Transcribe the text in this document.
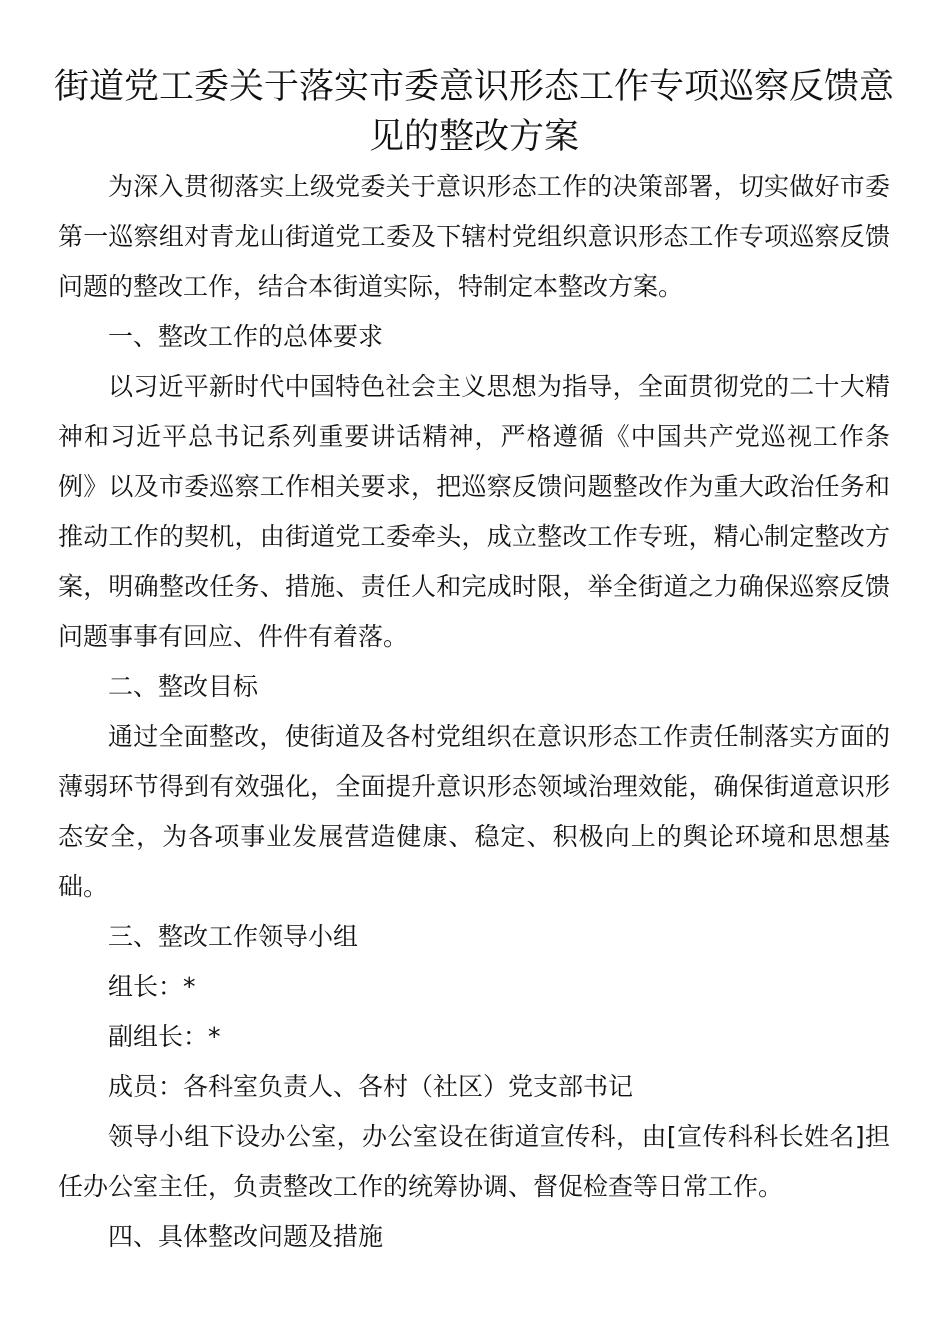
街道党工委关于落实市委意识形态工作专项巡察反馈意见的整改方案

为深入贯彻落实上级党委关于意识形态工作的决策部署，切实做好市委第一巡察组对青龙山街道党工委及下辖村党组织意识形态工作专项巡察反馈问题的整改工作，结合本街道实际，特制定本整改方案。

一、整改工作的总体要求

以习近平新时代中国特色社会主义思想为指导，全面贯彻党的二十大精神和习近平总书记系列重要讲话精神，严格遵循《中国共产党巡视工作条例》以及市委巡察工作相关要求，把巡察反馈问题整改作为重大政治任务和推动工作的契机，由街道党工委牵头，成立整改工作专班，精心制定整改方案，明确整改任务、措施、责任人和完成时限，举全街道之力确保巡察反馈问题事事有回应、件件有着落。

二、整改目标

通过全面整改，使街道及各村党组织在意识形态工作责任制落实方面的薄弱环节得到有效强化，全面提升意识形态领域治理效能，确保街道意识形态安全，为各项事业发展营造健康、稳定、积极向上的舆论环境和思想基础。

三、整改工作领导小组

组长：*

副组长：*

成员：各科室负责人、各村（社区）党支部书记

领导小组下设办公室，办公室设在街道宣传科，由[宣传科科长姓名]担任办公室主任，负责整改工作的统筹协调、督促检查等日常工作。

四、具体整改问题及措施
